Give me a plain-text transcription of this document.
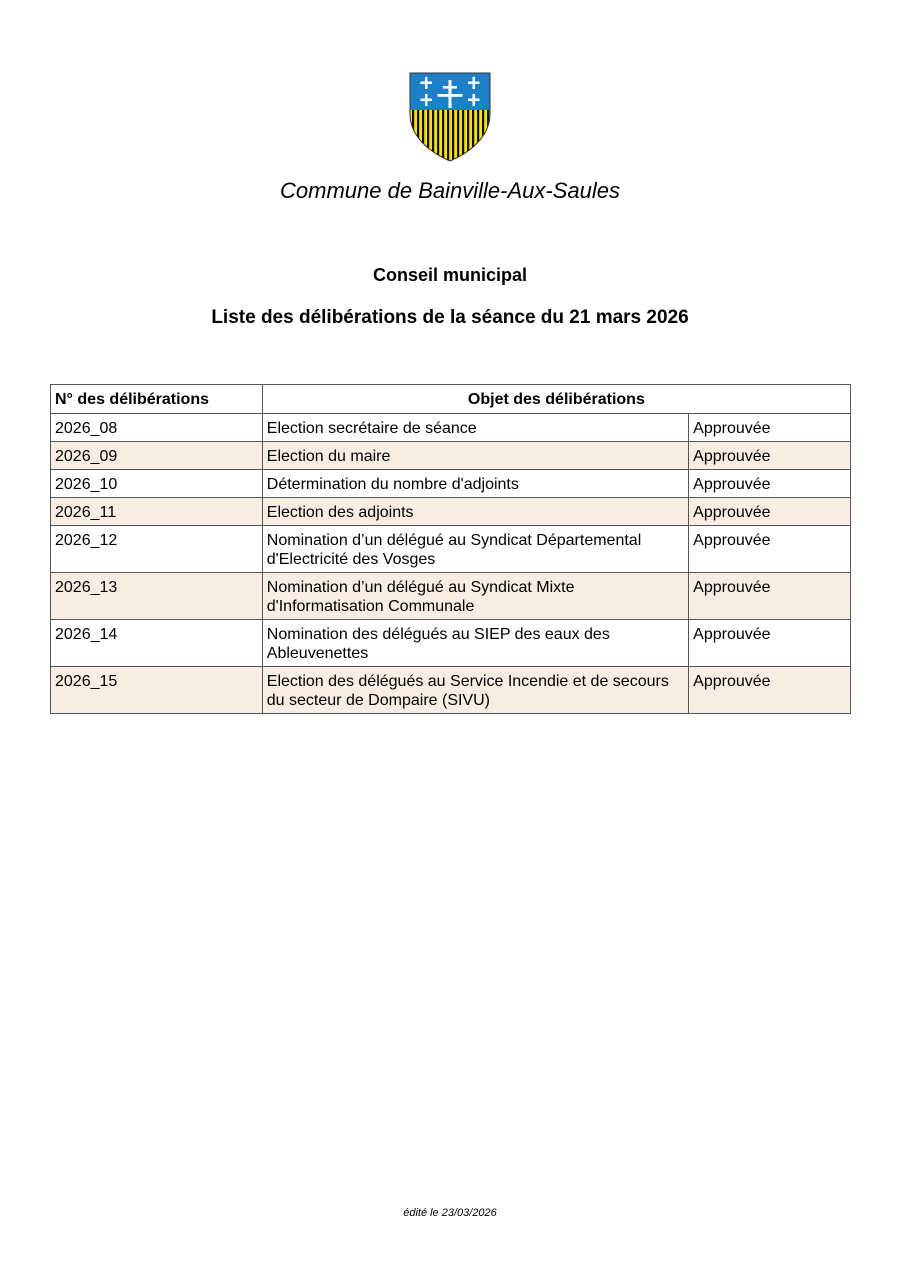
Commune de Bainville-Aux-Saules

Conseil municipal

Liste des délibérations de la séance du 21 mars 2026

N° des délibérations	Objet des délibérations	
2026_08	Election secrétaire de séance	Approuvée
2026_09	Election du maire	Approuvée
2026_10	Détermination du nombre d'adjoints	Approuvée
2026_11	Election des adjoints	Approuvée
2026_12	Nomination d’un délégué au Syndicat Départemental d'Electricité des Vosges	Approuvée
2026_13	Nomination d’un délégué au Syndicat Mixte d'Informatisation Communale	Approuvée
2026_14	Nomination des délégués au SIEP des eaux des Ableuvenettes	Approuvée
2026_15	Election des délégués au Service Incendie et de secours du secteur de Dompaire (SIVU)	Approuvée

édité le 23/03/2026
